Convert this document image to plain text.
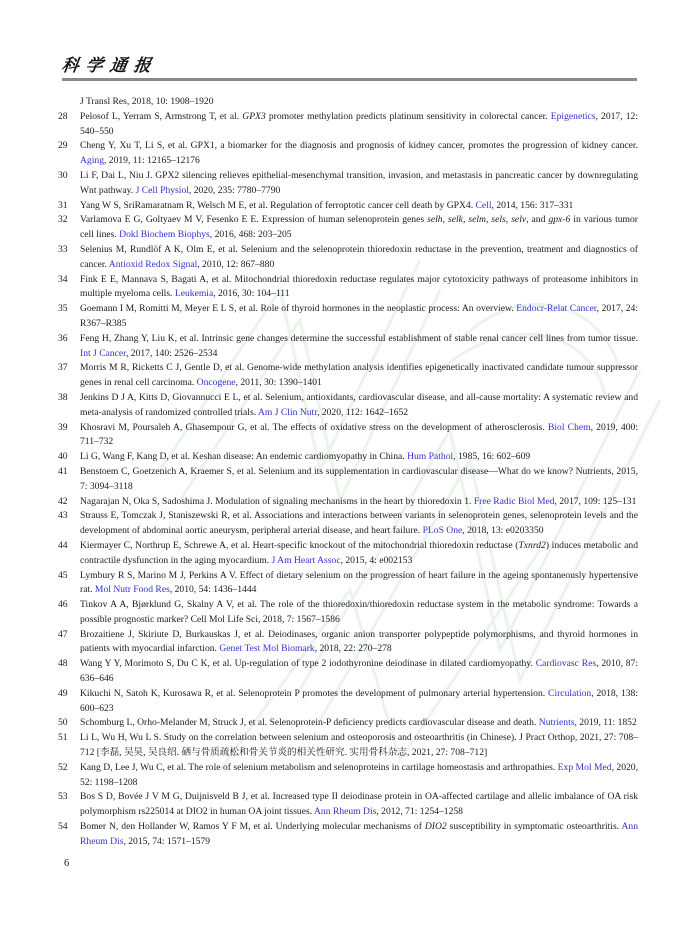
科学通报
J Transl Res, 2018, 10: 1908–1920
28	Pelosof L, Yerram S, Armstrong T, et al. GPX3 promoter methylation predicts platinum sensitivity in colorectal cancer. Epigenetics, 2017, 12: 540–550
29	Cheng Y, Xu T, Li S, et al. GPX1, a biomarker for the diagnosis and prognosis of kidney cancer, promotes the progression of kidney cancer. Aging, 2019, 11: 12165–12176
30	Li F, Dai L, Niu J. GPX2 silencing relieves epithelial-mesenchymal transition, invasion, and metastasis in pancreatic cancer by downregulating Wnt pathway. J Cell Physiol, 2020, 235: 7780–7790
31	Yang W S, SriRamaratnam R, Welsch M E, et al. Regulation of ferroptotic cancer cell death by GPX4. Cell, 2014, 156: 317–331
32	Varlamova E G, Goltyaev M V, Fesenko E E. Expression of human selenoprotein genes selh, selk, selm, sels, selv, and gpx-6 in various tumor cell lines. Dokl Biochem Biophys, 2016, 468: 203–205
33	Selenius M, Rundlöf A K, Olm E, et al. Selenium and the selenoprotein thioredoxin reductase in the prevention, treatment and diagnostics of cancer. Antioxid Redox Signal, 2010, 12: 867–880
34	Fink E E, Mannava S, Bagati A, et al. Mitochondrial thioredoxin reductase regulates major cytotoxicity pathways of proteasome inhibitors in multiple myeloma cells. Leukemia, 2016, 30: 104–111
35	Goemann I M, Romitti M, Meyer E L S, et al. Role of thyroid hormones in the neoplastic process: An overview. Endocr-Relat Cancer, 2017, 24: R367–R385
36	Feng H, Zhang Y, Liu K, et al. Intrinsic gene changes determine the successful establishment of stable renal cancer cell lines from tumor tissue. Int J Cancer, 2017, 140: 2526–2534
37	Morris M R, Ricketts C J, Gentle D, et al. Genome-wide methylation analysis identifies epigenetically inactivated candidate tumour suppressor genes in renal cell carcinoma. Oncogene, 2011, 30: 1390–1401
38	Jenkins D J A, Kitts D, Giovannucci E L, et al. Selenium, antioxidants, cardiovascular disease, and all-cause mortality: A systematic review and meta-analysis of randomized controlled trials. Am J Clin Nutr, 2020, 112: 1642–1652
39	Khosravi M, Poursaleh A, Ghasempour G, et al. The effects of oxidative stress on the development of atherosclerosis. Biol Chem, 2019, 400: 711–732
40	Li G, Wang F, Kang D, et al. Keshan disease: An endemic cardiomyopathy in China. Hum Pathol, 1985, 16: 602–609
41	Benstoem C, Goetzenich A, Kraemer S, et al. Selenium and its supplementation in cardiovascular disease—What do we know? Nutrients, 2015, 7: 3094–3118
42	Nagarajan N, Oka S, Sadoshima J. Modulation of signaling mechanisms in the heart by thioredoxin 1. Free Radic Biol Med, 2017, 109: 125–131
43	Strauss E, Tomczak J, Staniszewski R, et al. Associations and interactions between variants in selenoprotein genes, selenoprotein levels and the development of abdominal aortic aneurysm, peripheral arterial disease, and heart failure. PLoS One, 2018, 13: e0203350
44	Kiermayer C, Northrup E, Schrewe A, et al. Heart-specific knockout of the mitochondrial thioredoxin reductase (Txnrd2) induces metabolic and contractile dysfunction in the aging myocardium. J Am Heart Assoc, 2015, 4: e002153
45	Lymbury R S, Marino M J, Perkins A V. Effect of dietary selenium on the progression of heart failure in the ageing spontaneously hypertensive rat. Mol Nutr Food Res, 2010, 54: 1436–1444
46	Tinkov A A, Bjørklund G, Skalny A V, et al. The role of the thioredoxin/thioredoxin reductase system in the metabolic syndrome: Towards a possible prognostic marker? Cell Mol Life Sci, 2018, 7: 1567–1586
47	Brozaitiene J, Skiriute D, Burkauskas J, et al. Deiodinases, organic anion transporter polypeptide polymorphisms, and thyroid hormones in patients with myocardial infarction. Genet Test Mol Biomark, 2018, 22: 270–278
48	Wang Y Y, Morimoto S, Du C K, et al. Up-regulation of type 2 iodothyronine deiodinase in dilated cardiomyopathy. Cardiovasc Res, 2010, 87: 636–646
49	Kikuchi N, Satoh K, Kurosawa R, et al. Selenoprotein P promotes the development of pulmonary arterial hypertension. Circulation, 2018, 138: 600–623
50	Schomburg L, Orho-Melander M, Struck J, et al. Selenoprotein-P deficiency predicts cardiovascular disease and death. Nutrients, 2019, 11: 1852
51	Li L, Wu H, Wu L S. Study on the correlation between selenium and osteoporosis and osteoarthritis (in Chinese). J Pract Orthop, 2021, 27: 708–712 [李磊, 吴昊, 吴良绍. 硒与骨质疏松和骨关节炎的相关性研究. 实用骨科杂志, 2021, 27: 708–712]
52	Kang D, Lee J, Wu C, et al. The role of selenium metabolism and selenoproteins in cartilage homeostasis and arthropathies. Exp Mol Med, 2020, 52: 1198–1208
53	Bos S D, Bovée J V M G, Duijnisveld B J, et al. Increased type II deiodinase protein in OA-affected cartilage and allelic imbalance of OA risk polymorphism rs225014 at DIO2 in human OA joint tissues. Ann Rheum Dis, 2012, 71: 1254–1258
54	Bomer N, den Hollander W, Ramos Y F M, et al. Underlying molecular mechanisms of DIO2 susceptibility in symptomatic osteoarthritis. Ann Rheum Dis, 2015, 74: 1571–1579
6
